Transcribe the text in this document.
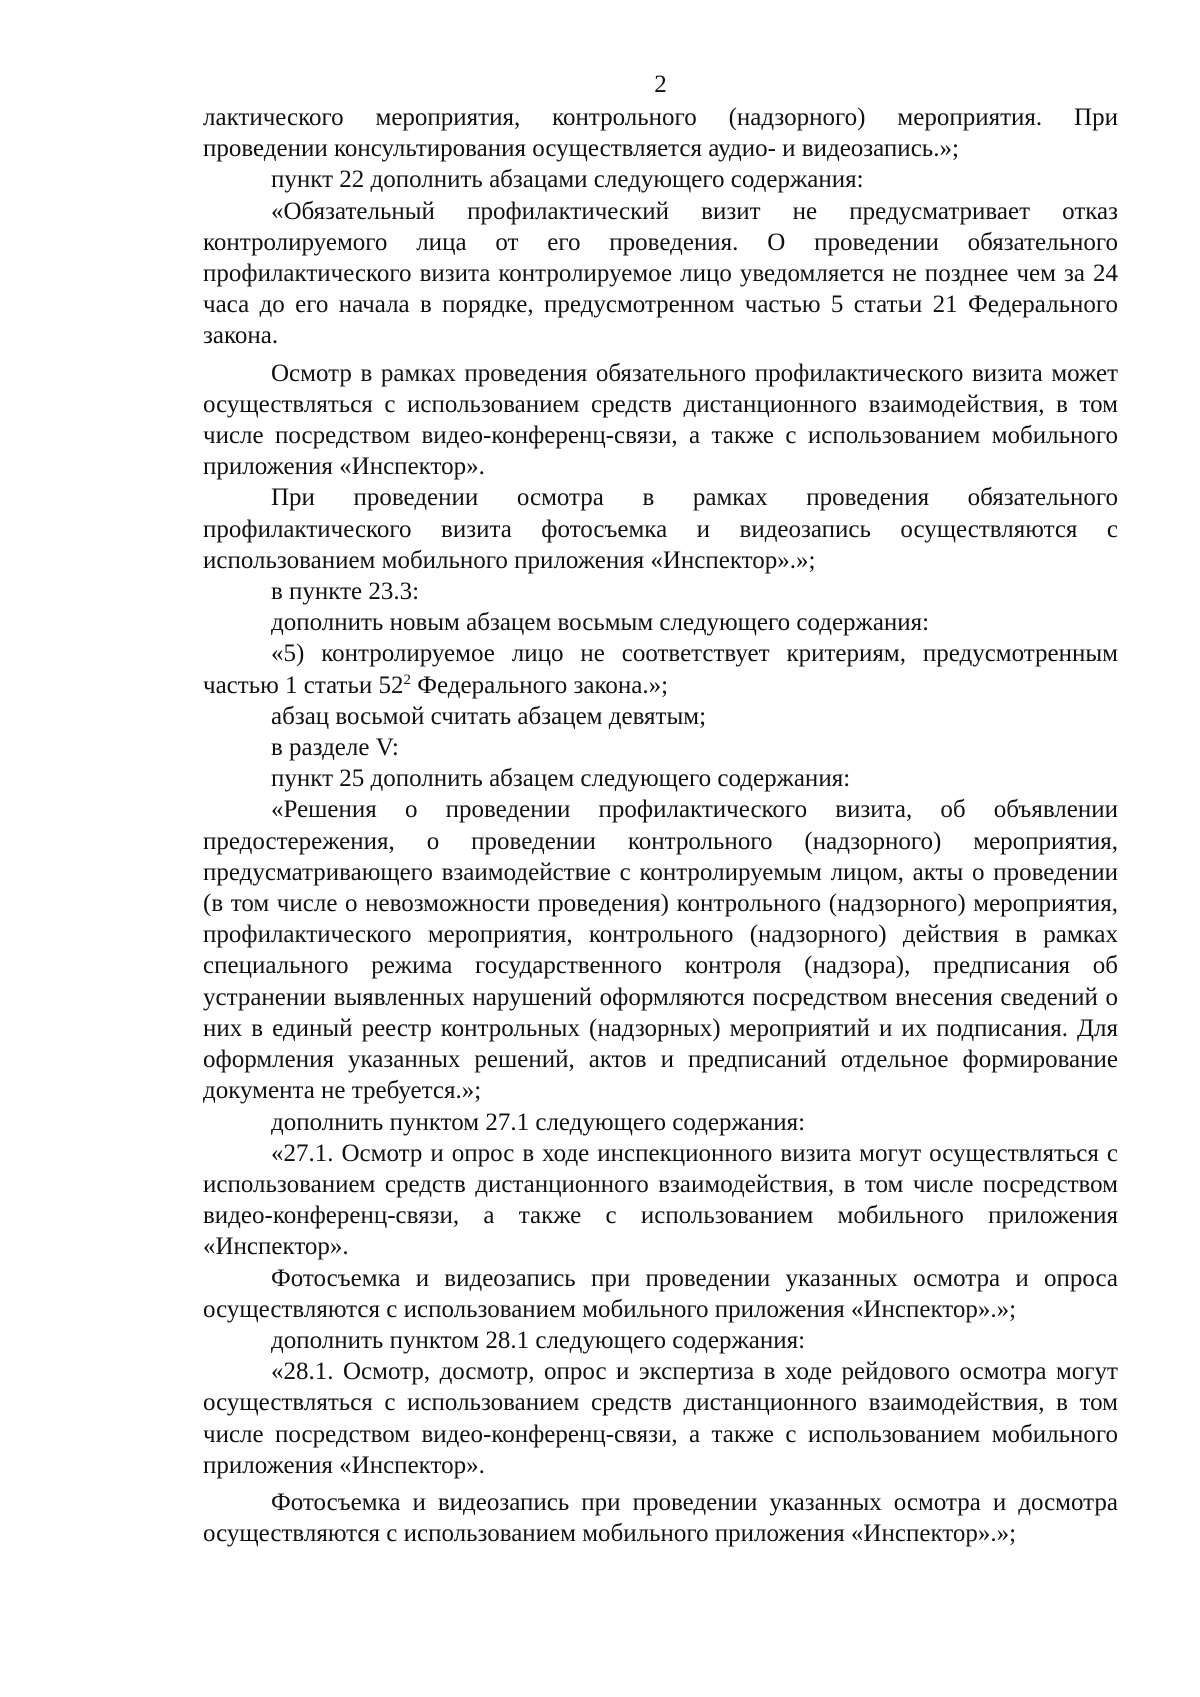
2

лактического мероприятия, контрольного (надзорного) мероприятия. При проведении консультирования осуществляется аудио- и видеозапись.»;

пункт 22 дополнить абзацами следующего содержания:

«Обязательный профилактический визит не предусматривает отказ контролируемого лица от его проведения. О проведении обязательного профилактического визита контролируемое лицо уведомляется не позднее чем за 24 часа до его начала в порядке, предусмотренном частью 5 статьи 21 Федерального закона.

Осмотр в рамках проведения обязательного профилактического визита может осуществляться с использованием средств дистанционного взаимодействия, в том числе посредством видео-конференц-связи, а также с использованием мобильного приложения «Инспектор».

При проведении осмотра в рамках проведения обязательного профилактического визита фотосъемка и видеозапись осуществляются с использованием мобильного приложения «Инспектор».»;

в пункте 23.3:

дополнить новым абзацем восьмым следующего содержания:

«5) контролируемое лицо не соответствует критериям, предусмотренным частью 1 статьи $52^2$ Федерального закона.»;

абзац восьмой считать абзацем девятым;

в разделе V:

пункт 25 дополнить абзацем следующего содержания:

«Решения о проведении профилактического визита, об объявлении предостережения, о проведении контрольного (надзорного) мероприятия, предусматривающего взаимодействие с контролируемым лицом, акты о проведении (в том числе о невозможности проведения) контрольного (надзорного) мероприятия, профилактического мероприятия, контрольного (надзорного) действия в рамках специального режима государственного контроля (надзора), предписания об устранении выявленных нарушений оформляются посредством внесения сведений о них в единый реестр контрольных (надзорных) мероприятий и их подписания. Для оформления указанных решений, актов и предписаний отдельное формирование документа не требуется.»;

дополнить пунктом 27.1 следующего содержания:

«27.1. Осмотр и опрос в ходе инспекционного визита могут осуществляться с использованием средств дистанционного взаимодействия, в том числе посредством видео-конференц-связи, а также с использованием мобильного приложения «Инспектор».

Фотосъемка и видеозапись при проведении указанных осмотра и опроса осуществляются с использованием мобильного приложения «Инспектор».»;

дополнить пунктом 28.1 следующего содержания:

«28.1. Осмотр, досмотр, опрос и экспертиза в ходе рейдового осмотра могут осуществляться с использованием средств дистанционного взаимодействия, в том числе посредством видео-конференц-связи, а также с использованием мобильного приложения «Инспектор».

Фотосъемка и видеозапись при проведении указанных осмотра и досмотра осуществляются с использованием мобильного приложения «Инспектор».»;
